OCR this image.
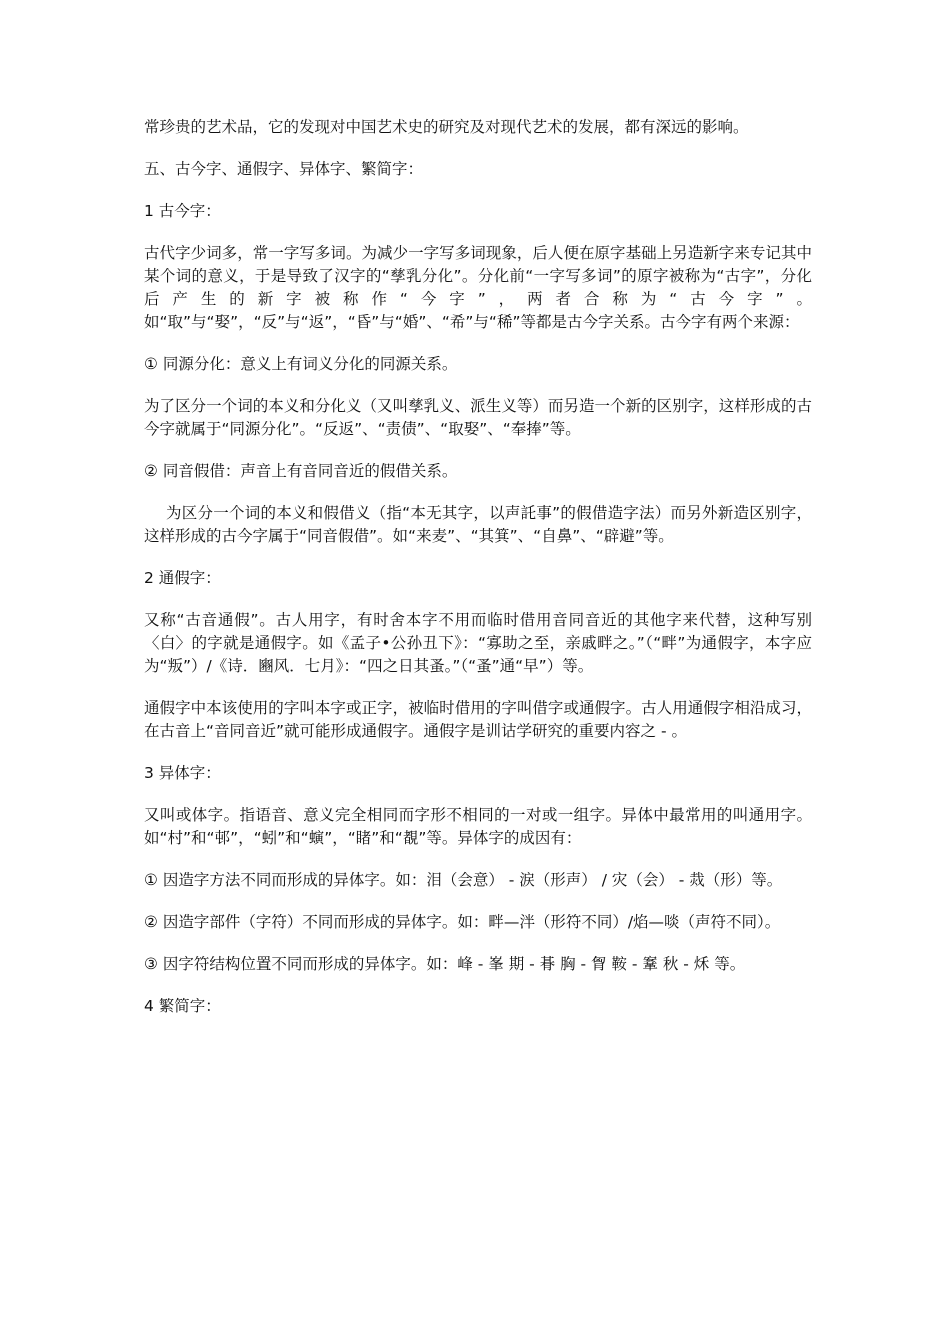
常珍贵的艺术品，它的发现对中国艺术史的研究及对现代艺术的发展，都有深远的影响。

五、古今字、通假字、异体字、繁简字：

1 古今字：

古代字少词多，常一字写多词。为减少一字写多词现象，后人便在原字基础上另造新字来专记其中某个词的意义，于是导致了汉字的“孳乳分化”。分化前“一字写多词”的原字被称为“古字”，分化后产生的新字被称作“今字”，两者合称为“古今字”。如“取”与“娶”，“反”与“返”，“昏”与“婚”、“希”与“稀”等都是古今字关系。古今字有两个来源：

① 同源分化：意义上有词义分化的同源关系。

为了区分一个词的本义和分化义（又叫孳乳义、派生义等）而另造一个新的区别字，这样形成的古今字就属于“同源分化”。“反返”、“责债”、“取娶”、“奉捧”等。

② 同音假借：声音上有音同音近的假借关系。

为区分一个词的本义和假借义（指“本无其字，以声託事”的假借造字法）而另外新造区别字，这样形成的古今字属于“同音假借”。如“来麦”、“其箕”、“自鼻”、“辟避”等。

2 通假字：

又称“古音通假”。古人用字，有时舍本字不用而临时借用音同音近的其他字来代替，这种写别〈白〉的字就是通假字。如《孟子•公孙丑下》：“寡助之至，亲戚畔之。”（“畔”为通假字，本字应为“叛”）/《诗．豳风．七月》：“四之日其蚤。”（“蚤”通“早”）等。

通假字中本该使用的字叫本字或正字，被临时借用的字叫借字或通假字。古人用通假字相沿成习，在古音上“音同音近”就可能形成通假字。通假字是训诂学研究的重要内容之 - 。

3 异体字：

又叫或体字。指语音、意义完全相同而字形不相同的一对或一组字。异体中最常用的叫通用字。如“村”和“邨”，“蚓”和“螾”，“睹”和“覩”等。异体字的成因有：

① 因造字方法不同而形成的异体字。如：泪（会意） - 涙（形声） / 灾（会） - 烖（形）等。

② 因造字部件（字符）不同而形成的异体字。如：畔—泮（形符不同）/焰—啖（声符不同）。

③ 因字符结构位置不同而形成的异体字。如：峰 - 峯 期 - 朞 胸 - 胷 鞍 - 鞌 秋 - 秌 等。

4 繁简字：
